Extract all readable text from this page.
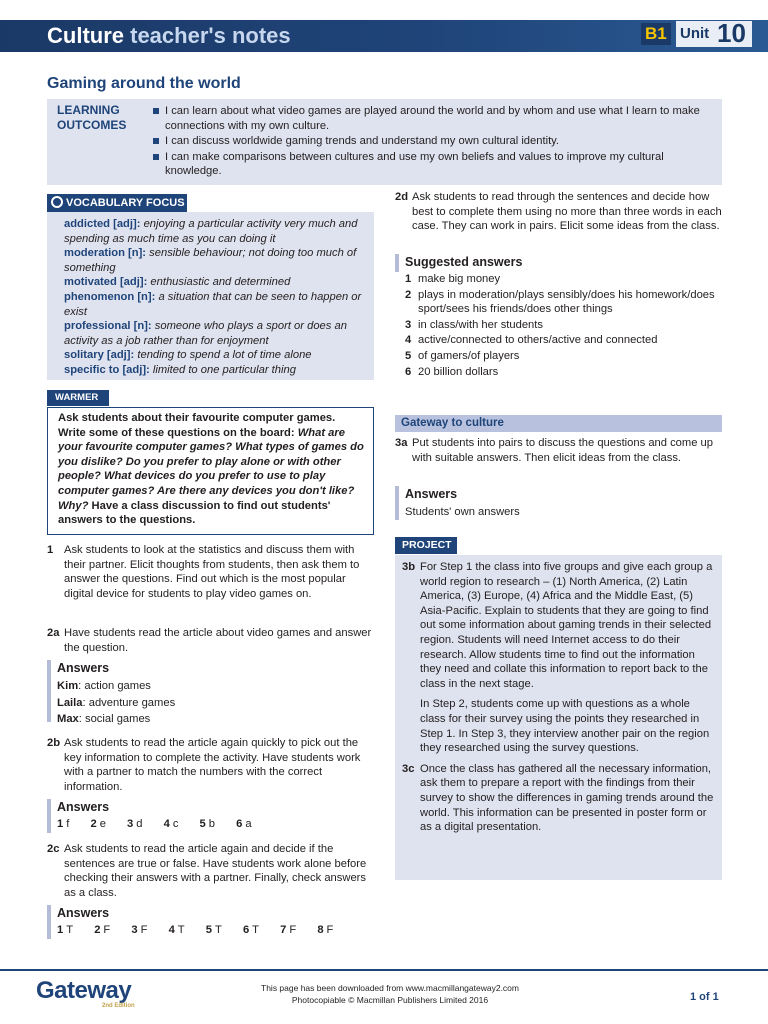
Culture teacher's notes	B1 Unit 10
Gaming around the world
LEARNING OUTCOMES
I can learn about what video games are played around the world and by whom and use what I learn to make connections with my own culture.
I can discuss worldwide gaming trends and understand my own cultural identity.
I can make comparisons between cultures and use my own beliefs and values to improve my cultural knowledge.
VOCABULARY FOCUS
addicted [adj]: enjoying a particular activity very much and spending as much time as you can doing it
moderation [n]: sensible behaviour; not doing too much of something
motivated [adj]: enthusiastic and determined
phenomenon [n]: a situation that can be seen to happen or exist
professional [n]: someone who plays a sport or does an activity as a job rather than for enjoyment
solitary [adj]: tending to spend a lot of time alone
specific to [adj]: limited to one particular thing
WARMER
Ask students about their favourite computer games. Write some of these questions on the board: What are your favourite computer games? What types of games do you dislike? Do you prefer to play alone or with other people? What devices do you prefer to use to play computer games? Are there any devices you don't like? Why? Have a class discussion to find out students' answers to the questions.
1 Ask students to look at the statistics and discuss them with their partner. Elicit thoughts from students, then ask them to answer the questions. Find out which is the most popular digital device for students to play video games on.
2a Have students read the article about video games and answer the question.
Answers
Kim: action games
Laila: adventure games
Max: social games
2b Ask students to read the article again quickly to pick out the key information to complete the activity. Have students work with a partner to match the numbers with the correct information.
Answers
1 f 2 e 3 d 4 c 5 b 6 a
2c Ask students to read the article again and decide if the sentences are true or false. Have students work alone before checking their answers with a partner. Finally, check answers as a class.
Answers
1 T 2 F 3 F 4 T 5 T 6 T 7 F 8 F
2d Ask students to read through the sentences and decide how best to complete them using no more than three words in each case. They can work in pairs. Elicit some ideas from the class.
Suggested answers
1 make big money
2 plays in moderation/plays sensibly/does his homework/does sport/sees his friends/does other things
3 in class/with her students
4 active/connected to others/active and connected
5 of gamers/of players
6 20 billion dollars
Gateway to culture
3a Put students into pairs to discuss the questions and come up with suitable answers. Then elicit ideas from the class.
Answers
Students' own answers
PROJECT
3b For Step 1 the class into five groups and give each group a world region to research – (1) North America, (2) Latin America, (3) Europe, (4) Africa and the Middle East, (5) Asia-Pacific. Explain to students that they are going to find out some information about gaming trends in their selected region. Students will need Internet access to do their research. Allow students time to find out the information they need and collate this information to report back to the class in the next stage.
In Step 2, students come up with questions as a whole class for their survey using the points they researched in Step 1. In Step 3, they interview another pair on the region they researched using the survey questions.
3c Once the class has gathered all the necessary information, ask them to prepare a report with the findings from their survey to show the differences in gaming trends around the world. This information can be presented in poster form or as a digital presentation.
Gateway
2nd Edition
This page has been downloaded from www.macmillangateway2.com
Photocopiable © Macmillan Publishers Limited 2016	1 of 1
